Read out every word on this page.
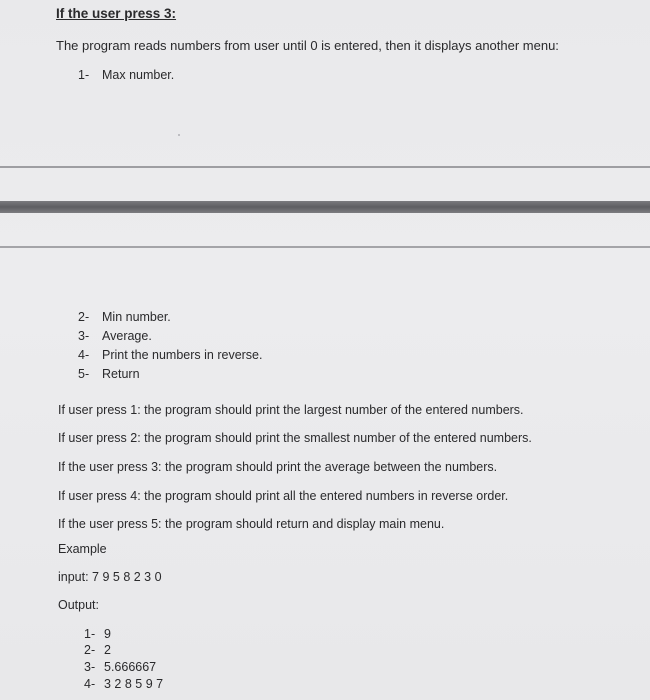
If the user press 3:
The program reads numbers from user until 0 is entered, then it displays another menu:
1- Max number.
2- Min number.
3- Average.
4- Print the numbers in reverse.
5- Return
If user press 1: the program should print the largest number of the entered numbers.
If user press 2: the program should print the smallest number of the entered numbers.
If the user press 3: the program should print the average between the numbers.
If user press 4: the program should print all the entered numbers in reverse order.
If the user press 5: the program should return and display main menu.
Example
input: 7 9 5 8 2 3 0
Output:
1- 9
2- 2
3- 5.666667
4- 3 2 8 5 9 7
